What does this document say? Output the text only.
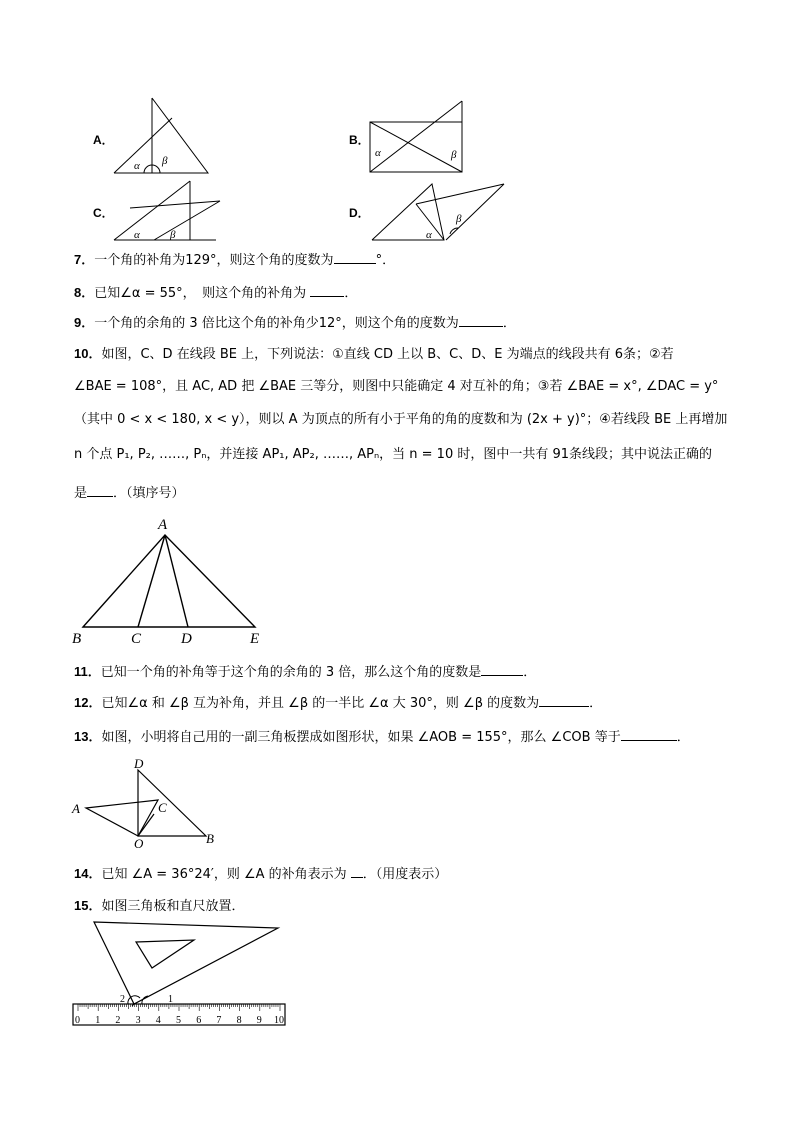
A．
α β
B．
α	β
C．
α	β
D．
α
β
7．一个角的补角为129°，则这个角的度数为	°．
8．已知∠α = 55°，　则这个角的补角为	．
9．一个角的余角的 3 倍比这个角的补角少12°，则这个角的度数为	．
10．如图，C、D 在线段 BE 上，下列说法：①直线 CD 上以 B、C、D、E 为端点的线段共有 6条；②若
∠BAE = 108°，且 AC, AD 把 ∠BAE 三等分，则图中只能确定 4 对互补的角；③若 ∠BAE = x°, ∠DAC = y°
（其中 0 < x < 180, x < y），则以 A 为顶点的所有小于平角的角的度数和为 (2x + y)°；④若线段 BE 上再增加
n 个点 P₁, P₂, ……, Pₙ，并连接 AP₁, AP₂, ……, APₙ，当 n = 10 时，图中一共有 91条线段；其中说法正确的
是 ．（填序号）
A
B	C	D	E
11．已知一个角的补角等于这个角的余角的 3 倍，那么这个角的度数是	．
12．已知∠α 和 ∠β 互为补角，并且 ∠β 的一半比 ∠α 大 30°，则 ∠β 的度数为	．
13．如图，小明将自己用的一副三角板摆成如图形状，如果 ∠AOB = 155°，那么 ∠COB 等于	．
D
A	C
B
O
14．已知 ∠A = 36°24′，则 ∠A 的补角表示为 ．（用度表示）
15．如图三角板和直尺放置．
0 1 2 3 4 5 6 7 8 9 10
2	1
